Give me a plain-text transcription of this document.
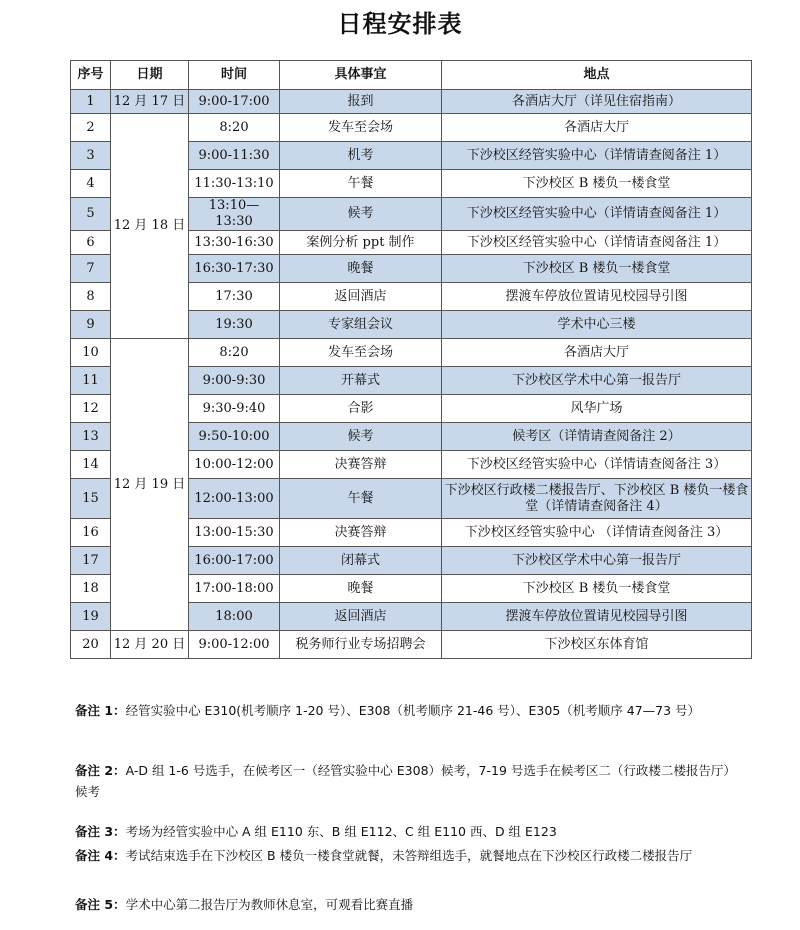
日程安排表
序号	日期	时间	具体事宜	地点
1	12 月 17 日	9:00-17:00	报到	各酒店大厅（详见住宿指南）
2	12 月 18 日	8:20	发车至会场	各酒店大厅
3		9:00-11:30	机考	下沙校区经管实验中心（详情请查阅备注 1）
4		11:30-13:10	午餐	下沙校区 B 楼负一楼食堂
5		13:10—13:30	候考	下沙校区经管实验中心（详情请查阅备注 1）
6		13:30-16:30	案例分析 ppt 制作	下沙校区经管实验中心（详情请查阅备注 1）
7		16:30-17:30	晚餐	下沙校区 B 楼负一楼食堂
8		17:30	返回酒店	摆渡车停放位置请见校园导引图
9		19:30	专家组会议	学术中心三楼
10	12 月 19 日	8:20	发车至会场	各酒店大厅
11		9:00-9:30	开幕式	下沙校区学术中心第一报告厅
12		9:30-9:40	合影	风华广场
13		9:50-10:00	候考	候考区（详情请查阅备注 2）
14		10:00-12:00	决赛答辩	下沙校区经管实验中心（详情请查阅备注 3）
15		12:00-13:00	午餐	下沙校区行政楼二楼报告厅、下沙校区 B 楼负一楼食堂（详情请查阅备注 4）
16		13:00-15:30	决赛答辩	下沙校区经管实验中心 （详情请查阅备注 3）
17		16:00-17:00	闭幕式	下沙校区学术中心第一报告厅
18		17:00-18:00	晚餐	下沙校区 B 楼负一楼食堂
19		18:00	返回酒店	摆渡车停放位置请见校园导引图
20	12 月 20 日	9:00-12:00	税务师行业专场招聘会	下沙校区东体育馆

备注 1：经管实验中心 E310(机考顺序 1-20 号）、E308（机考顺序 21-46 号）、E305（机考顺序 47—73 号）

备注 2：A-D 组 1-6 号选手，在候考区一（经管实验中心 E308）候考，7-19 号选手在候考区二（行政楼二楼报告厅）候考

备注 3：考场为经管实验中心 A 组 E110 东、B 组 E112、C 组 E110 西、D 组 E123

备注 4：考试结束选手在下沙校区 B 楼负一楼食堂就餐，未答辩组选手，就餐地点在下沙校区行政楼二楼报告厅

备注 5：学术中心第二报告厅为教师休息室，可观看比赛直播
